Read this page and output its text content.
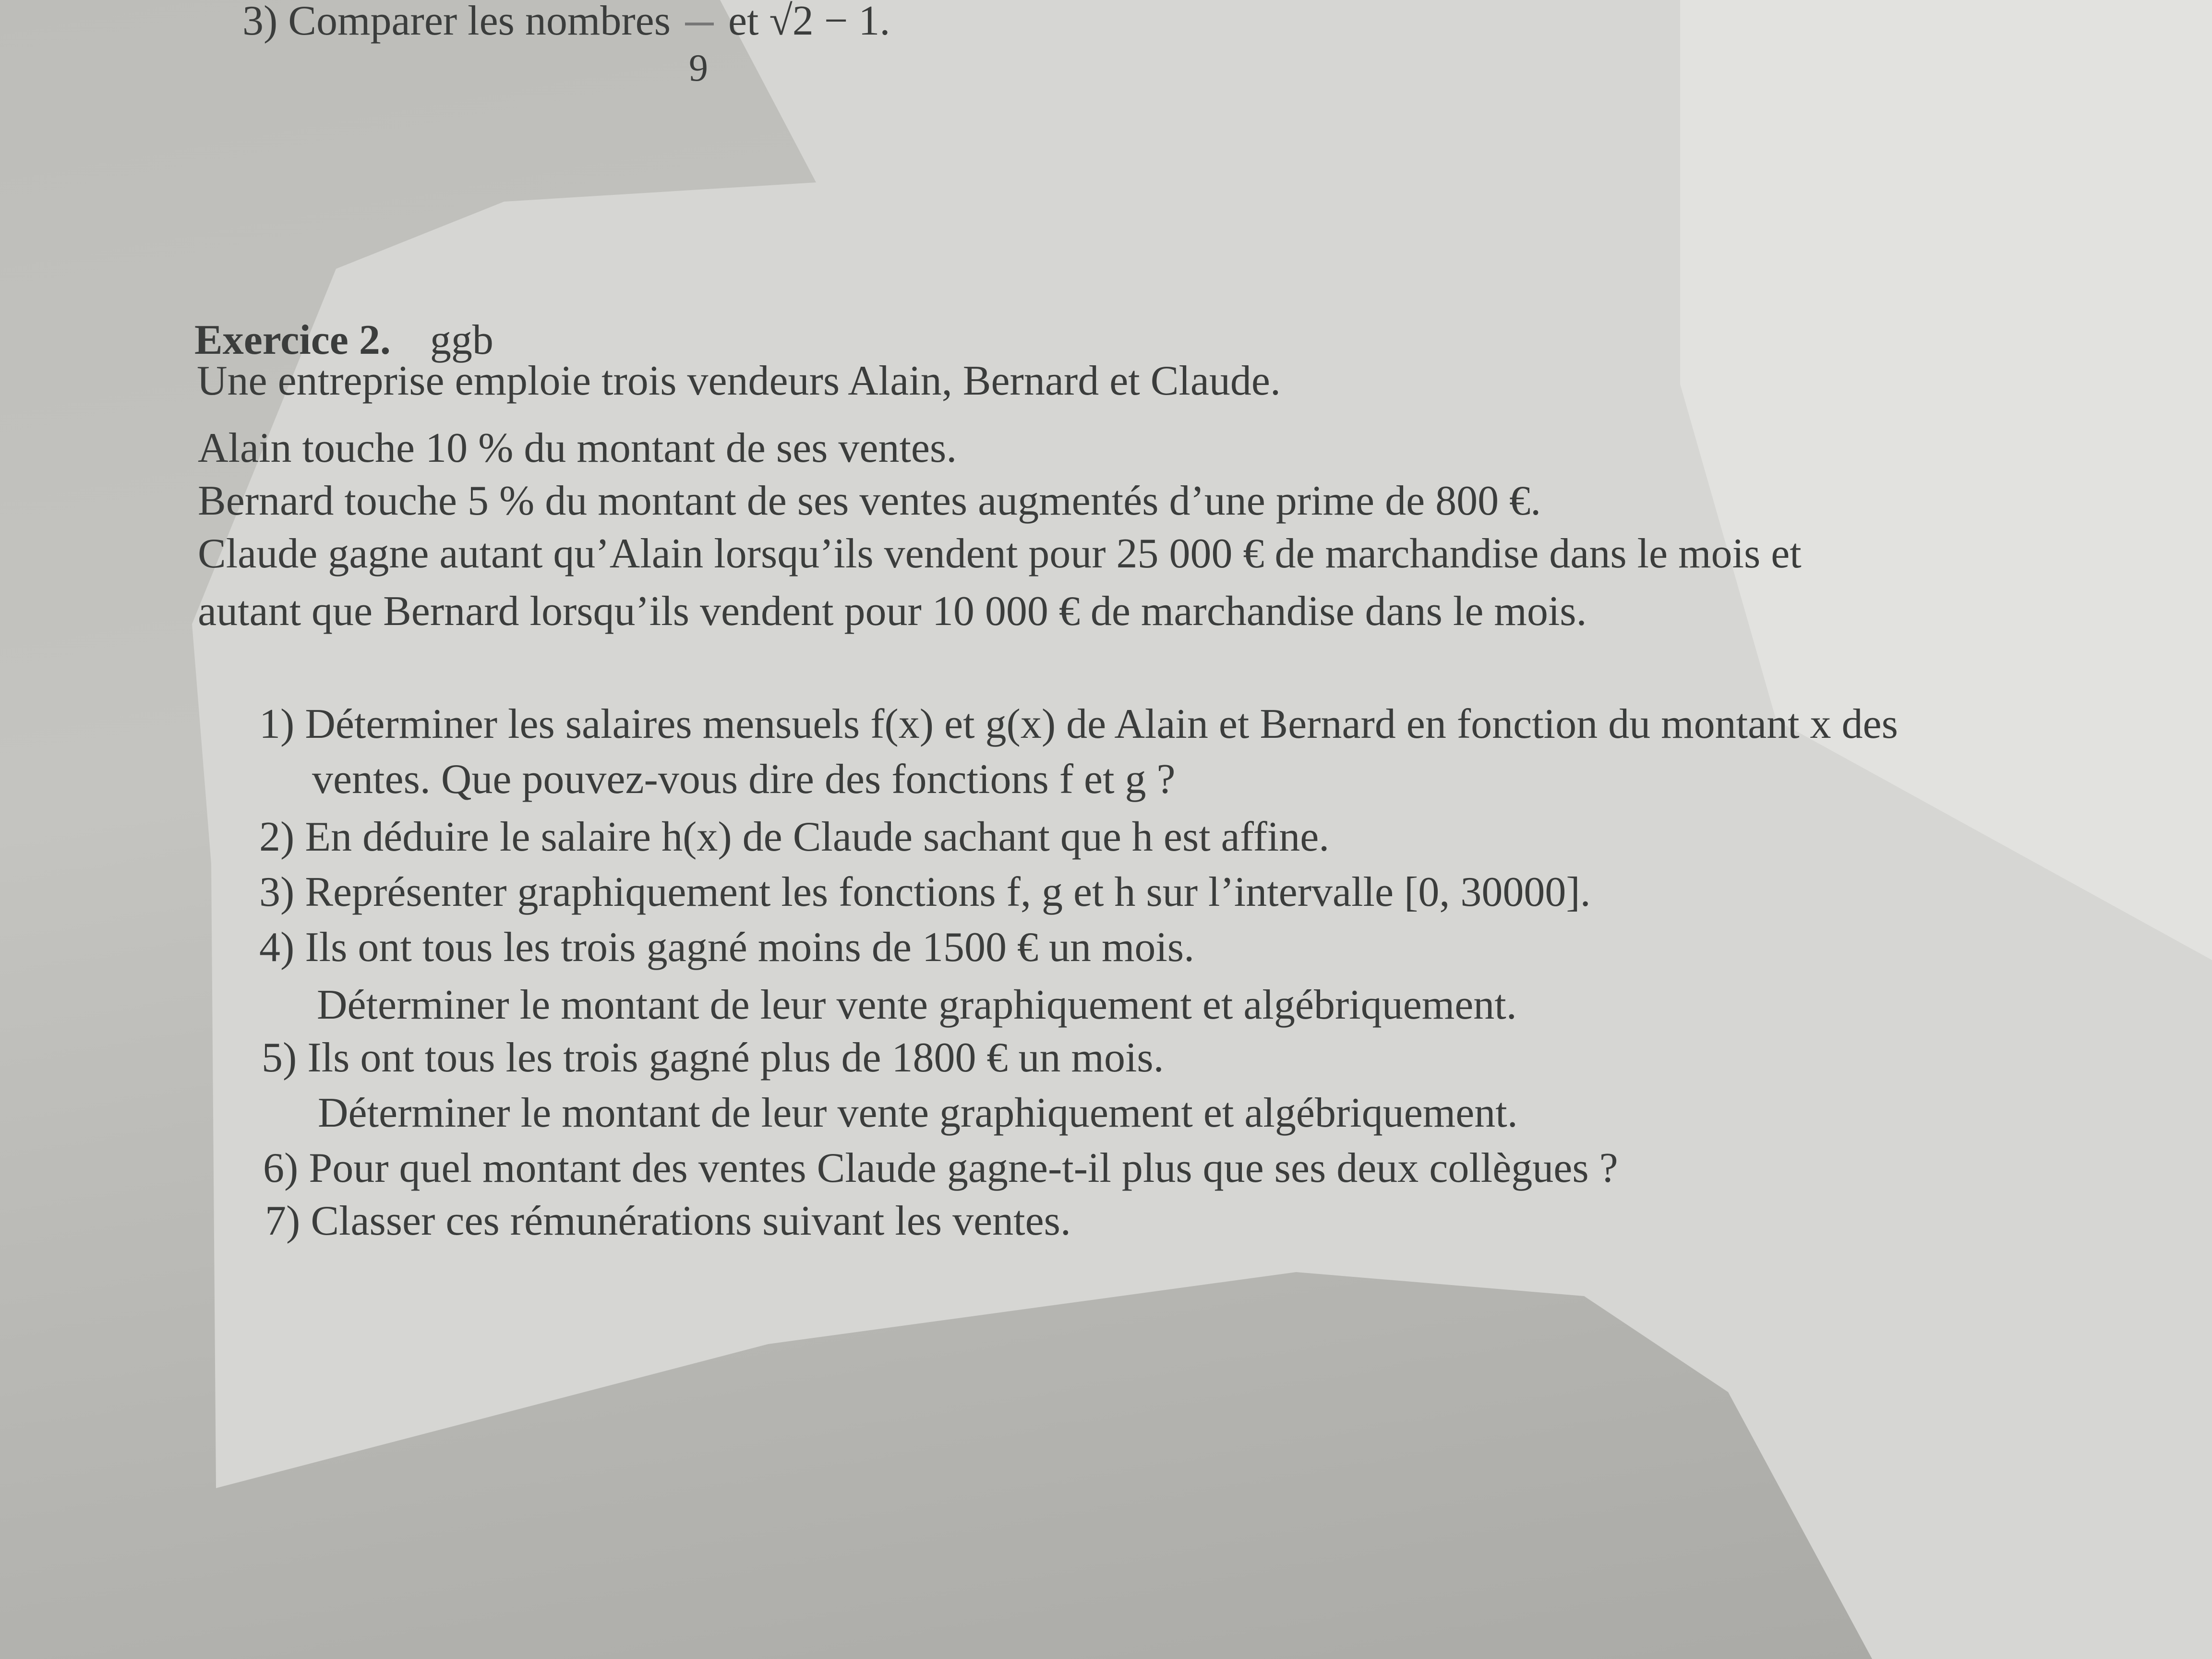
3) Comparer les nombres
9
et √2 − 1.
Exercice 2. ggb
Une entreprise emploie trois vendeurs Alain, Bernard et Claude.
Alain touche 10 % du montant de ses ventes.
Bernard touche 5 % du montant de ses ventes augmentés d’une prime de 800 €.
Claude gagne autant qu’Alain lorsqu’ils vendent pour 25 000 € de marchandise dans le mois et
autant que Bernard lorsqu’ils vendent pour 10 000 € de marchandise dans le mois.
1) Déterminer les salaires mensuels f(x) et g(x) de Alain et Bernard en fonction du montant x des
ventes. Que pouvez-vous dire des fonctions f et g ?
2) En déduire le salaire h(x) de Claude sachant que h est affine.
3) Représenter graphiquement les fonctions f, g et h sur l’intervalle [0, 30000].
4) Ils ont tous les trois gagné moins de 1500 € un mois.
Déterminer le montant de leur vente graphiquement et algébriquement.
5) Ils ont tous les trois gagné plus de 1800 € un mois.
Déterminer le montant de leur vente graphiquement et algébriquement.
6) Pour quel montant des ventes Claude gagne-t-il plus que ses deux collègues ?
7) Classer ces rémunérations suivant les ventes.
